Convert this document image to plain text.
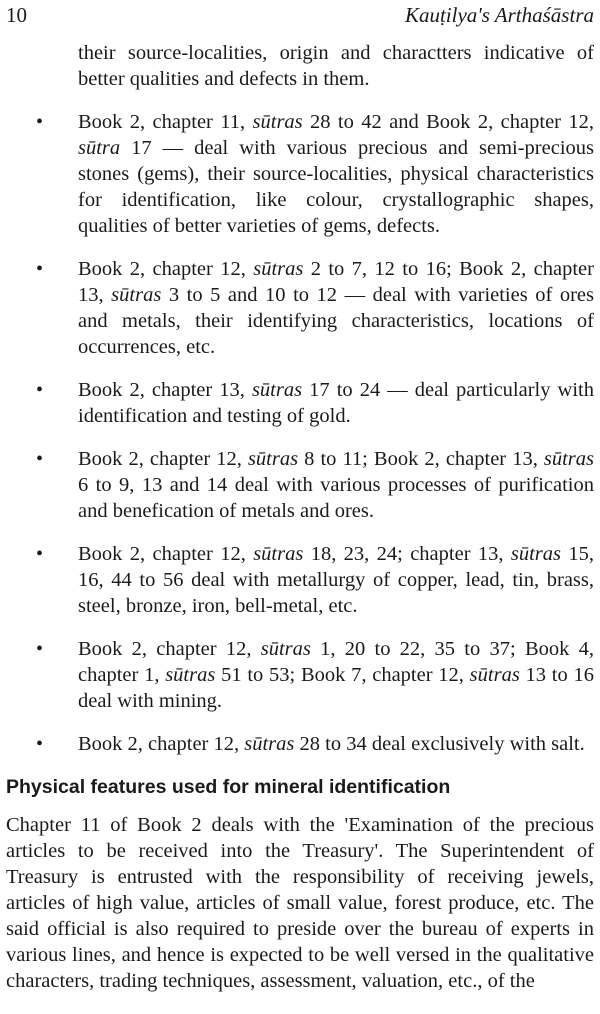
10	Kauṭilya's Arthaśāstra

their source-localities, origin and charactters indicative of better qualities and defects in them.

• Book 2, chapter 11, sūtras 28 to 42 and Book 2, chapter 12, sūtra 17 — deal with various precious and semi-precious stones (gems), their source-localities, physical characteristics for identification, like colour, crystallographic shapes, qualities of better varieties of gems, defects.
• Book 2, chapter 12, sūtras 2 to 7, 12 to 16; Book 2, chapter 13, sūtras 3 to 5 and 10 to 12 — deal with varieties of ores and metals, their identifying characteristics, locations of occurrences, etc.
• Book 2, chapter 13, sūtras 17 to 24 — deal particularly with identification and testing of gold.
• Book 2, chapter 12, sūtras 8 to 11; Book 2, chapter 13, sūtras 6 to 9, 13 and 14 deal with various processes of purification and benefication of metals and ores.
• Book 2, chapter 12, sūtras 18, 23, 24; chapter 13, sūtras 15, 16, 44 to 56 deal with metallurgy of copper, lead, tin, brass, steel, bronze, iron, bell-metal, etc.
• Book 2, chapter 12, sūtras 1, 20 to 22, 35 to 37; Book 4, chapter 1, sūtras 51 to 53; Book 7, chapter 12, sūtras 13 to 16 deal with mining.
• Book 2, chapter 12, sūtras 28 to 34 deal exclusively with salt.
Physical features used for mineral identification

Chapter 11 of Book 2 deals with the 'Examination of the precious articles to be received into the Treasury'. The Superintendent of Treasury is entrusted with the responsibility of receiving jewels, articles of high value, articles of small value, forest produce, etc. The said official is also required to preside over the bureau of experts in various lines, and hence is expected to be well versed in the qualitative characters, trading techniques, assessment, valuation, etc., of the
